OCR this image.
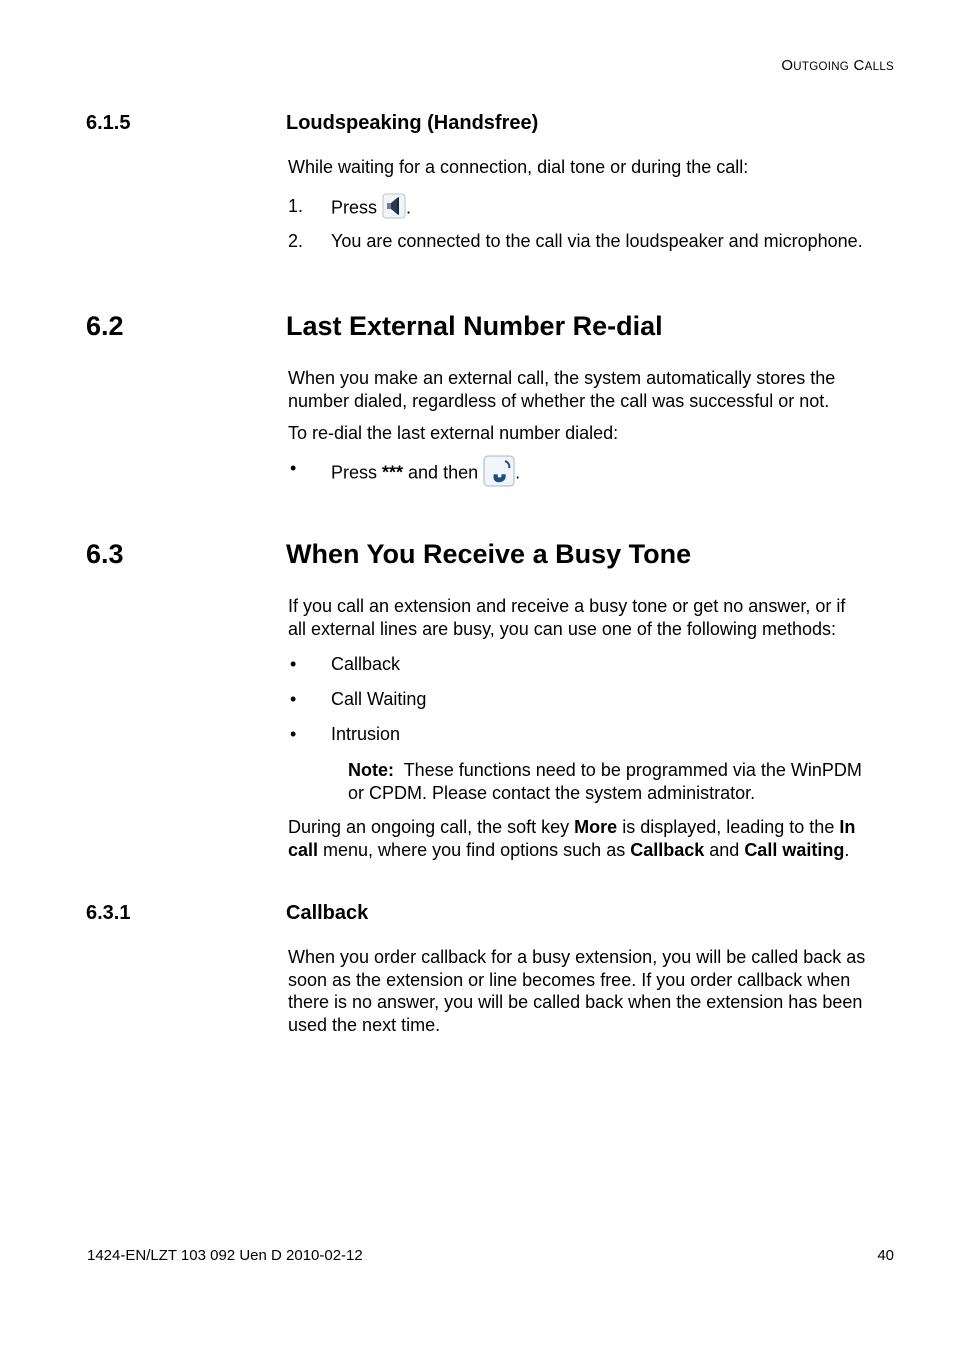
OUTGOING CALLS
6.1.5	Loudspeaking (Handsfree)
While waiting for a connection, dial tone or during the call:
1. Press .
2. You are connected to the call via the loudspeaker and microphone.
6.2	Last External Number Re-dial
When you make an external call, the system automatically stores the
number dialed, regardless of whether the call was successful or not.
To re-dial the last external number dialed:
• Press *** and then .
6.3	When You Receive a Busy Tone
If you call an extension and receive a busy tone or get no answer, or if
all external lines are busy, you can use one of the following methods:
• Callback
• Call Waiting
• Intrusion
Note: These functions need to be programmed via the WinPDM
or CPDM. Please contact the system administrator.
During an ongoing call, the soft key More is displayed, leading to the In
call menu, where you find options such as Callback and Call waiting.
6.3.1	Callback
When you order callback for a busy extension, you will be called back as
soon as the extension or line becomes free. If you order callback when
there is no answer, you will be called back when the extension has been
used the next time.
1424-EN/LZT 103 092 Uen D 2010-02-12	40
